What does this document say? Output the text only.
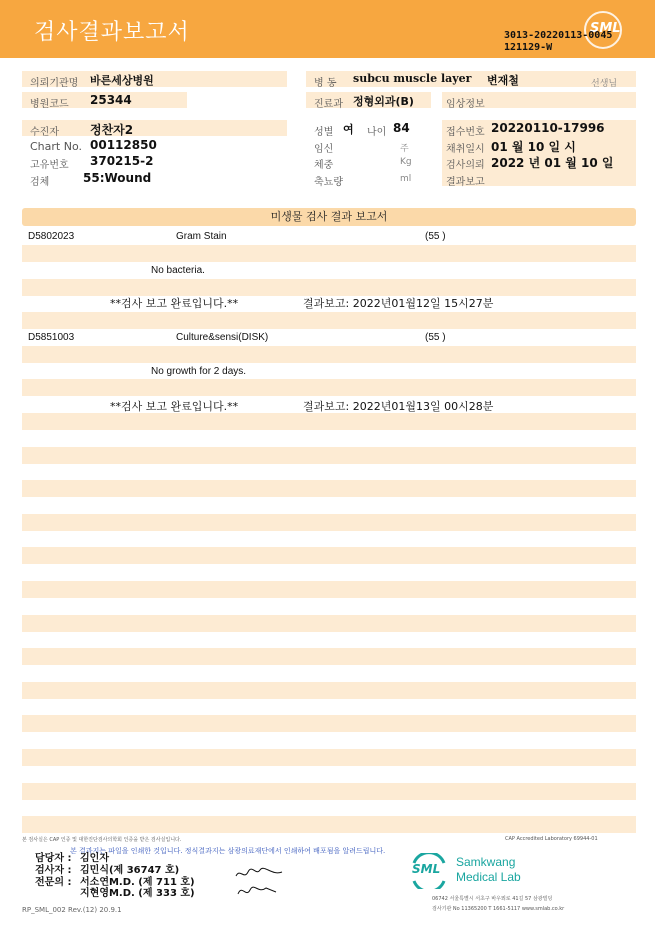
검사결과보고서	SML
3013-20220113-0045
121129-W
의뢰기관명 바른세상병원
병원코드 25344
수진자	정찬자2
Chart No. 00112850
고유번호 370215-2
검체	55:Wound
병 동 subcu muscle layer 변재철	선생님
진료과 정형외과(B)	임상정보
성별 여 나이 84
임신	주
체중	Kg
축뇨량	ml
접수번호 20220110-17996
채취일시 01 월 10 일 시
검사의뢰 2022 년 01 월 10 일
결과보고
미생물 검사 결과 보고서
D5802023	Gram Stain	(55 )
No bacteria.
**검사 보고 완료입니다.**	결과보고: 2022년01월12일 15시27분
D5851003	Culture&sensi(DISK)	(55 )
No growth for 2 days.
**검사 보고 완료입니다.**	결과보고: 2022년01월13일 00시28분
본 검사실은 CAP 인증 및 대한진단검사의학회 인증을 받은 검사실입니다.	CAP Accredited Laboratory 69944-01
본 결과지는 파일을 인쇄한 것입니다. 정식결과지는 삼광의료재단에서 인쇄하여 배포됨을 알려드립니다.
담당자 : 김인자
검사자 : 김민식(제 36747 호)
전문의 : 서소연M.D. (제 711 호)
지현영M.D. (제 333 호)
RP_SML_002 Rev.(12) 20.9.1
SML Samkwang
Medical Lab
06742 서울특별시 서초구 바우뫼로 41길 57 삼광빌딩
검사기관 No 11365200 T 1661-5117 www.smlab.co.kr
